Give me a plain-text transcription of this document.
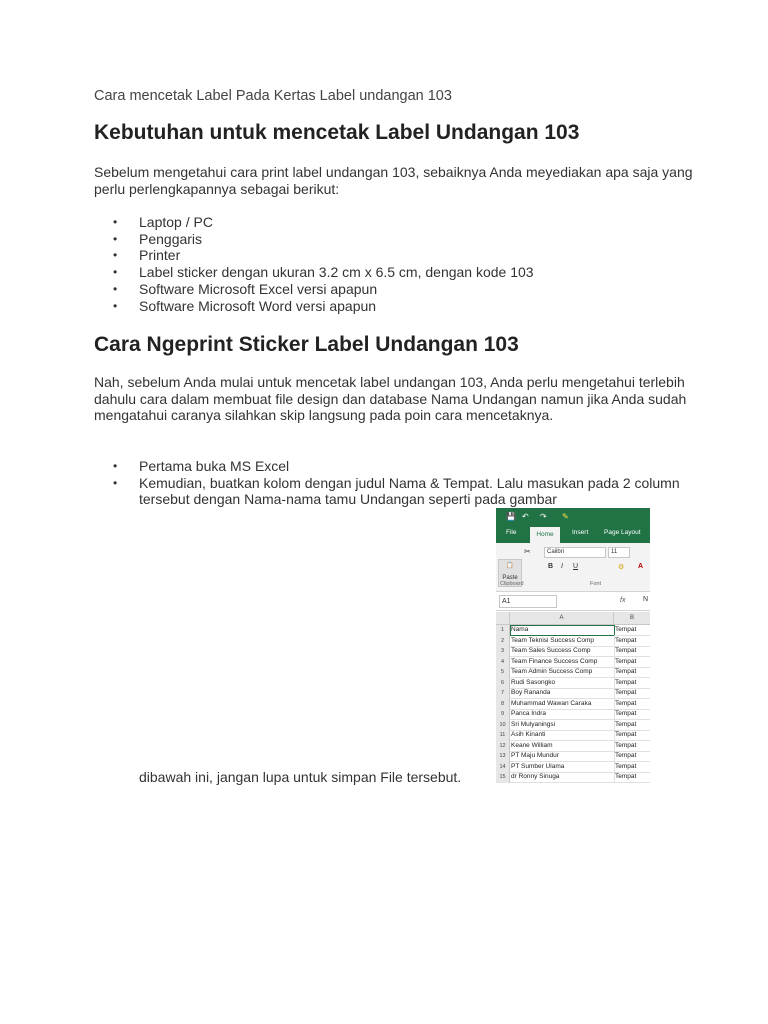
Cara mencetak Label Pada Kertas Label undangan 103
Kebutuhan untuk mencetak Label Undangan 103

Sebelum mengetahui cara print label undangan 103, sebaiknya Anda meyediakan apa saja yang perlu perlengkapannya sebagai berikut:

• Laptop / PC
• Penggaris
• Printer
• Label sticker dengan ukuran 3.2 cm x 6.5 cm, dengan kode 103
• Software Microsoft Excel versi apapun
• Software Microsoft Word versi apapun
Cara Ngeprint Sticker Label Undangan 103

Nah, sebelum Anda mulai untuk mencetak label undangan 103, Anda perlu mengetahui terlebih dahulu cara dalam membuat file design dan database Nama Undangan namun jika Anda sudah mengatahui caranya silahkan skip langsung pada poin cara mencetaknya.

• Pertama buka MS Excel
• Kemudian, buatkan kolom dengan judul Nama & Tempat. Lalu masukan pada 2 column tersebut dengan Nama-nama tamu Undangan seperti pada gambar
dibawah ini, jangan lupa untuk simpan File tersebut.
💾 ↶ ↷ ✎
File	Home	Insert Page Layout
✂
📋
Paste
Calibri	11
B I U	⚙ A
Clipboard	Font
A1	fx	N
A	B
1	Nama	Tempat
2	Team Teknisi Success Comp	Tempat
3	Team Sales Success Comp	Tempat
4	Team Finance Success Comp	Tempat
5	Team Admin Success Comp	Tempat
6	Rudi Sasongko	Tempat
7	Boy Rananda	Tempat
8	Muhammad Wawan Caraka	Tempat
9	Panca Indra	Tempat
10 Sri Mulyaningsi	Tempat
11 Asih Kinanti	Tempat
12 Keane William	Tempat
13 PT Maju Mundur	Tempat
14 PT Sumber Ulama	Tempat
15 dr Ronny Sinuga	Tempat
